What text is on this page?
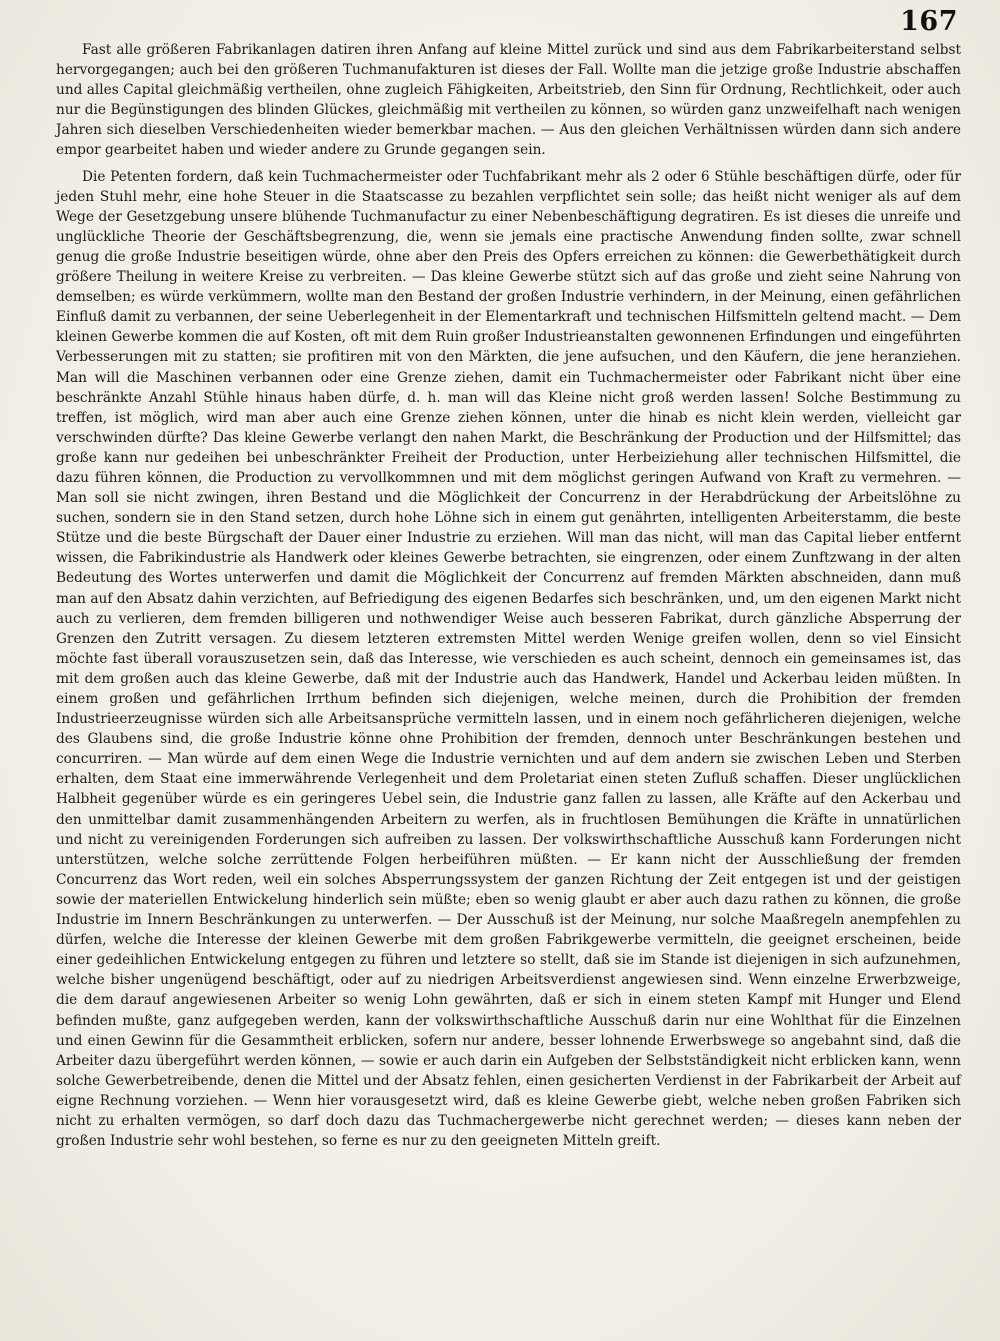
167

Fast alle größeren Fabrikanlagen datiren ihren Anfang auf kleine Mittel zurück und sind aus dem Fabrikarbeiterstand selbst hervorgegangen; auch bei den größeren Tuchmanufakturen ist dieses der Fall. Wollte man die jetzige große Industrie abschaffen und alles Capital gleichmäßig vertheilen, ohne zugleich Fähigkeiten, Arbeitstrieb, den Sinn für Ordnung, Rechtlichkeit, oder auch nur die Begünstigungen des blinden Glückes, gleichmäßig mit vertheilen zu können, so würden ganz unzweifelhaft nach wenigen Jahren sich dieselben Verschiedenheiten wieder bemerkbar machen. — Aus den gleichen Verhältnissen würden dann sich andere empor gearbeitet haben und wieder andere zu Grunde gegangen sein.

Die Petenten fordern, daß kein Tuchmachermeister oder Tuchfabrikant mehr als 2 oder 6 Stühle beschäftigen dürfe, oder für jeden Stuhl mehr, eine hohe Steuer in die Staatscasse zu bezahlen verpflichtet sein solle; das heißt nicht weniger als auf dem Wege der Gesetzgebung unsere blühende Tuchmanufactur zu einer Nebenbeschäftigung degratiren. Es ist dieses die unreife und unglückliche Theorie der Geschäftsbegrenzung, die, wenn sie jemals eine practische Anwendung finden sollte, zwar schnell genug die große Industrie beseitigen würde, ohne aber den Preis des Opfers erreichen zu können: die Gewerbethätigkeit durch größere Theilung in weitere Kreise zu verbreiten. — Das kleine Gewerbe stützt sich auf das große und zieht seine Nahrung von demselben; es würde verkümmern, wollte man den Bestand der großen Industrie verhindern, in der Meinung, einen gefährlichen Einfluß damit zu verbannen, der seine Ueberlegenheit in der Elementarkraft und technischen Hilfsmitteln geltend macht. — Dem kleinen Gewerbe kommen die auf Kosten, oft mit dem Ruin großer Industrieanstalten gewonnenen Erfindungen und eingeführten Verbesserungen mit zu statten; sie profitiren mit von den Märkten, die jene aufsuchen, und den Käufern, die jene heranziehen. Man will die Maschinen verbannen oder eine Grenze ziehen, damit ein Tuchmachermeister oder Fabrikant nicht über eine beschränkte Anzahl Stühle hinaus haben dürfe, d. h. man will das Kleine nicht groß werden lassen! Solche Bestimmung zu treffen, ist möglich, wird man aber auch eine Grenze ziehen können, unter die hinab es nicht klein werden, vielleicht gar verschwinden dürfte? Das kleine Gewerbe verlangt den nahen Markt, die Beschränkung der Production und der Hilfsmittel; das große kann nur gedeihen bei unbeschränkter Freiheit der Production, unter Herbeiziehung aller technischen Hilfsmittel, die dazu führen können, die Production zu vervollkommnen und mit dem möglichst geringen Aufwand von Kraft zu vermehren. — Man soll sie nicht zwingen, ihren Bestand und die Möglichkeit der Concurrenz in der Herabdrückung der Arbeitslöhne zu suchen, sondern sie in den Stand setzen, durch hohe Löhne sich in einem gut genährten, intelligenten Arbeiterstamm, die beste Stütze und die beste Bürgschaft der Dauer einer Industrie zu erziehen. Will man das nicht, will man das Capital lieber entfernt wissen, die Fabrikindustrie als Handwerk oder kleines Gewerbe betrachten, sie eingrenzen, oder einem Zunftzwang in der alten Bedeutung des Wortes unterwerfen und damit die Möglichkeit der Concurrenz auf fremden Märkten abschneiden, dann muß man auf den Absatz dahin verzichten, auf Befriedigung des eigenen Bedarfes sich beschränken, und, um den eigenen Markt nicht auch zu verlieren, dem fremden billigeren und nothwendiger Weise auch besseren Fabrikat, durch gänzliche Absperrung der Grenzen den Zutritt versagen. Zu diesem letzteren extremsten Mittel werden Wenige greifen wollen, denn so viel Einsicht möchte fast überall vorauszusetzen sein, daß das Interesse, wie verschieden es auch scheint, dennoch ein gemeinsames ist, das mit dem großen auch das kleine Gewerbe, daß mit der Industrie auch das Handwerk, Handel und Ackerbau leiden müßten. In einem großen und gefährlichen Irrthum befinden sich diejenigen, welche meinen, durch die Prohibition der fremden Industrieerzeugnisse würden sich alle Arbeitsansprüche vermitteln lassen, und in einem noch gefährlicheren diejenigen, welche des Glaubens sind, die große Industrie könne ohne Prohibition der fremden, dennoch unter Beschränkungen bestehen und concurriren. — Man würde auf dem einen Wege die Industrie vernichten und auf dem andern sie zwischen Leben und Sterben erhalten, dem Staat eine immerwährende Verlegenheit und dem Proletariat einen steten Zufluß schaffen. Dieser unglücklichen Halbheit gegenüber würde es ein geringeres Uebel sein, die Industrie ganz fallen zu lassen, alle Kräfte auf den Ackerbau und den unmittelbar damit zusammenhängenden Arbeitern zu werfen, als in fruchtlosen Bemühungen die Kräfte in unnatürlichen und nicht zu vereinigenden Forderungen sich aufreiben zu lassen. Der volkswirthschaftliche Ausschuß kann Forderungen nicht unterstützen, welche solche zerrüttende Folgen herbeiführen müßten. — Er kann nicht der Ausschließung der fremden Concurrenz das Wort reden, weil ein solches Absperrungssystem der ganzen Richtung der Zeit entgegen ist und der geistigen sowie der materiellen Entwickelung hinderlich sein müßte; eben so wenig glaubt er aber auch dazu rathen zu können, die große Industrie im Innern Beschränkungen zu unterwerfen. — Der Ausschuß ist der Meinung, nur solche Maaßregeln anempfehlen zu dürfen, welche die Interesse der kleinen Gewerbe mit dem großen Fabrikgewerbe vermitteln, die geeignet erscheinen, beide einer gedeihlichen Entwickelung entgegen zu führen und letztere so stellt, daß sie im Stande ist diejenigen in sich aufzunehmen, welche bisher ungenügend beschäftigt, oder auf zu niedrigen Arbeitsverdienst angewiesen sind. Wenn einzelne Erwerbzweige, die dem darauf angewiesenen Arbeiter so wenig Lohn gewährten, daß er sich in einem steten Kampf mit Hunger und Elend befinden mußte, ganz aufgegeben werden, kann der volkswirthschaftliche Ausschuß darin nur eine Wohlthat für die Einzelnen und einen Gewinn für die Gesammtheit erblicken, sofern nur andere, besser lohnende Erwerbswege so angebahnt sind, daß die Arbeiter dazu übergeführt werden können, — sowie er auch darin ein Aufgeben der Selbstständigkeit nicht erblicken kann, wenn solche Gewerbetreibende, denen die Mittel und der Absatz fehlen, einen gesicherten Verdienst in der Fabrikarbeit der Arbeit auf eigne Rechnung vorziehen. — Wenn hier vorausgesetzt wird, daß es kleine Gewerbe giebt, welche neben großen Fabriken sich nicht zu erhalten vermögen, so darf doch dazu das Tuchmachergewerbe nicht gerechnet werden; — dieses kann neben der großen Industrie sehr wohl bestehen, so ferne es nur zu den geeigneten Mitteln greift.
